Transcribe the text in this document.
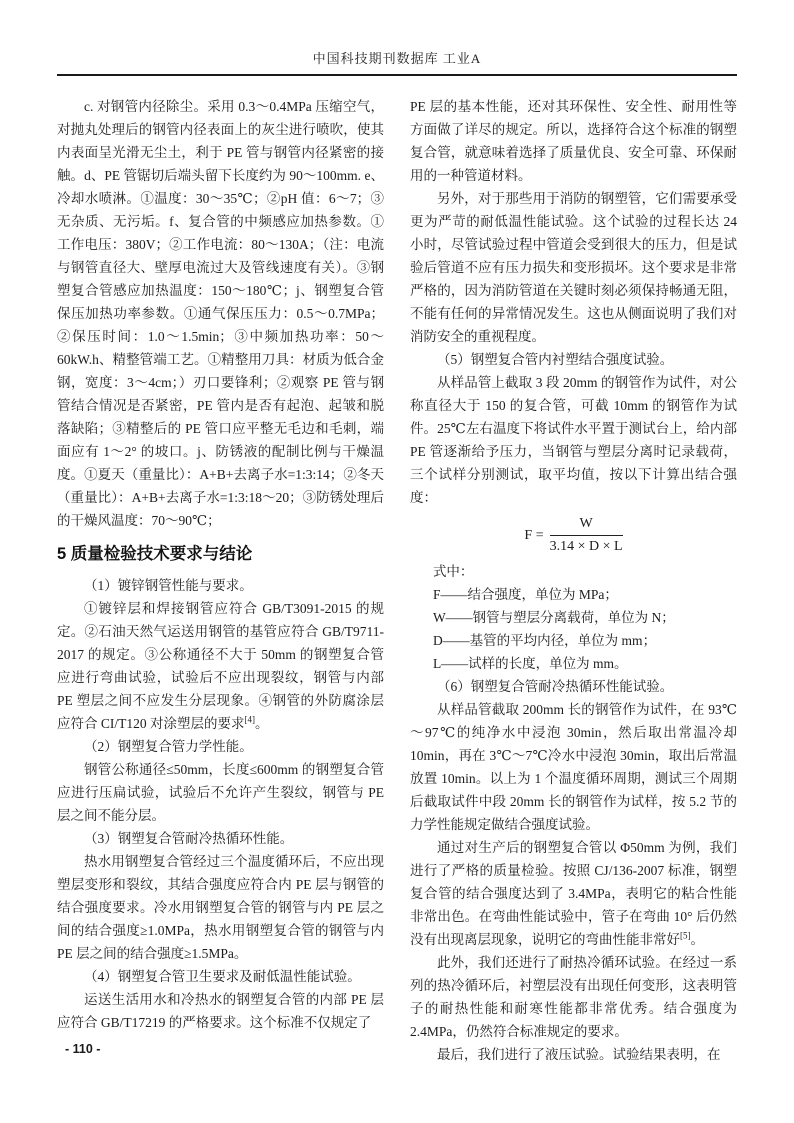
中国科技期刊数据库 工业A

c. 对钢管内径除尘。采用 0.3～0.4MPa 压缩空气，对抛丸处理后的钢管内径表面上的灰尘进行喷吹，使其内表面呈光滑无尘土，利于 PE 管与钢管内径紧密的接触。d、PE 管锯切后端头留下长度约为 90～100mm. e、冷却水喷淋。①温度：30～35℃；②pH 值：6～7；③无杂质、无污垢。f、复合管的中频感应加热参数。①工作电压：380V；②工作电流：80～130A；（注：电流与钢管直径大、壁厚电流过大及管线速度有关）。③钢塑复合管感应加热温度：150～180℃；j、钢塑复合管保压加热功率参数。①通气保压压力：0.5～0.7MPa；②保压时间：1.0～1.5min；③中频加热功率：50～60kW.h、精整管端工艺。①精整用刀具：材质为低合金钢，宽度：3～4cm；）刃口要锋利；②观察 PE 管与钢管结合情况是否紧密，PE 管内是否有起泡、起皱和脱落缺陷；③精整后的 PE 管口应平整无毛边和毛刺，端面应有 1～2° 的坡口。j、防锈液的配制比例与干燥温度。①夏天（重量比）：A+B+去离子水=1:3:14；②冬天（重量比）：A+B+去离子水=1:3:18～20；③防锈处理后的干燥风温度：70～90℃；

5 质量检验技术要求与结论

（1）镀锌钢管性能与要求。

①镀锌层和焊接钢管应符合 GB/T3091-2015 的规定。②石油天然气运送用钢管的基管应符合 GB/T9711-2017 的规定。③公称通径不大于 50mm 的钢塑复合管应进行弯曲试验，试验后不应出现裂纹，钢管与内部 PE 塑层之间不应发生分层现象。④钢管的外防腐涂层应符合 CI/T120 对涂塑层的要求[4]。

（2）钢塑复合管力学性能。

钢管公称通径≤50mm，长度≤600mm 的钢塑复合管应进行压扁试验，试验后不允许产生裂纹，钢管与 PE 层之间不能分层。

（3）钢塑复合管耐冷热循环性能。

热水用钢塑复合管经过三个温度循环后，不应出现塑层变形和裂纹，其结合强度应符合内 PE 层与钢管的结合强度要求。冷水用钢塑复合管的钢管与内 PE 层之间的结合强度≥1.0MPa，热水用钢塑复合管的钢管与内 PE 层之间的结合强度≥1.5MPa。

（4）钢塑复合管卫生要求及耐低温性能试验。

运送生活用水和冷热水的钢塑复合管的内部 PE 层应符合 GB/T17219 的严格要求。这个标准不仅规定了

PE 层的基本性能，还对其环保性、安全性、耐用性等方面做了详尽的规定。所以，选择符合这个标准的钢塑复合管，就意味着选择了质量优良、安全可靠、环保耐用的一种管道材料。

另外，对于那些用于消防的钢塑管，它们需要承受更为严苛的耐低温性能试验。这个试验的过程长达 24 小时，尽管试验过程中管道会受到很大的压力，但是试验后管道不应有压力损失和变形损坏。这个要求是非常严格的，因为消防管道在关键时刻必须保持畅通无阻，不能有任何的异常情况发生。这也从侧面说明了我们对消防安全的重视程度。

（5）钢塑复合管内衬塑结合强度试验。

从样品管上截取 3 段 20mm 的钢管作为试件，对公称直径大于 150 的复合管，可截 10mm 的钢管作为试件。25℃左右温度下将试件水平置于测试台上，给内部 PE 管逐渐给予压力，当钢管与塑层分离时记录载荷，三个试样分别测试，取平均值，按以下计算出结合强度：

$F = \frac{W}{3.14 \times D \times L}$

式中：

F——结合强度，单位为 MPa；

W——钢管与塑层分离载荷，单位为 N；

D——基管的平均内径，单位为 mm；

L——试样的长度，单位为 mm。

（6）钢塑复合管耐冷热循环性能试验。

从样品管截取 200mm 长的钢管作为试件，在 93℃～97℃的纯净水中浸泡 30min，然后取出常温冷却 10min，再在 3℃～7℃冷水中浸泡 30min，取出后常温放置 10min。以上为 1 个温度循环周期，测试三个周期后截取试件中段 20mm 长的钢管作为试样，按 5.2 节的力学性能规定做结合强度试验。

通过对生产后的钢塑复合管以 Φ50mm 为例，我们进行了严格的质量检验。按照 CJ/136-2007 标准，钢塑复合管的结合强度达到了 3.4MPa，表明它的粘合性能非常出色。在弯曲性能试验中，管子在弯曲 10° 后仍然没有出现离层现象，说明它的弯曲性能非常好[5]。

此外，我们还进行了耐热冷循环试验。在经过一系列的热冷循环后，衬塑层没有出现任何变形，这表明管子的耐热性能和耐寒性能都非常优秀。结合强度为 2.4MPa，仍然符合标准规定的要求。

最后，我们进行了液压试验。试验结果表明，在

- 110 -
